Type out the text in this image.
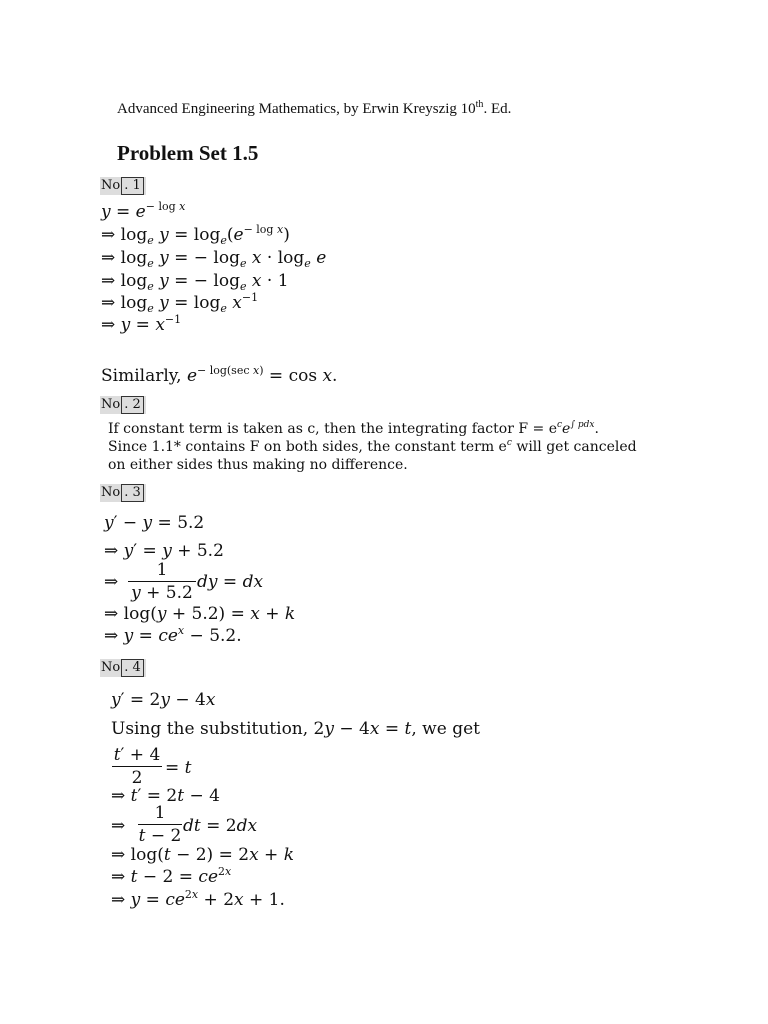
Advanced Engineering Mathematics, by Erwin Kreyszig 10th. Ed.
Problem Set 1.5
No . 1
$y = e^{- log x}$
⇒ $\log_e y = \log_e(e^{- log x})$
⇒ $\log_e y$ = − $\log_e x \cdot \log_e e$
⇒ $\log_e y$ = − $\log_e x \cdot 1$
⇒ $\log_e y = \log_e x^{-1}$
⇒ $y = x^{-1}$
Similarly, $e^{- log(sec x)} = \cos x$.
No . 2
If constant term is taken as c, then the integrating factor $F = e^ce^{\int pdx}$.
Since 1.1* contains F on both sides, the constant term $e^c$ will get canceled
on either sides thus making no difference.
No . 3
y′ − y = 5.2
⇒ y′ = y + 5.2
⇒
1
y + 5.2
dy = dx
⇒ log(y + 5.2) = x + k
⇒ $y = ce^x - 5.2$.
No . 4
y′ = 2y − 4x
Using the substitution, 2y − 4x = t, we get
t′ + 4
2	= t
⇒ t′ = 2t − 4
⇒
1
t − 2 dt = 2dx
⇒ log(t − 2) = 2x + k
⇒ $t - 2 = ce^{2x}$
⇒ $y = ce^{2x} + 2x + 1$.
